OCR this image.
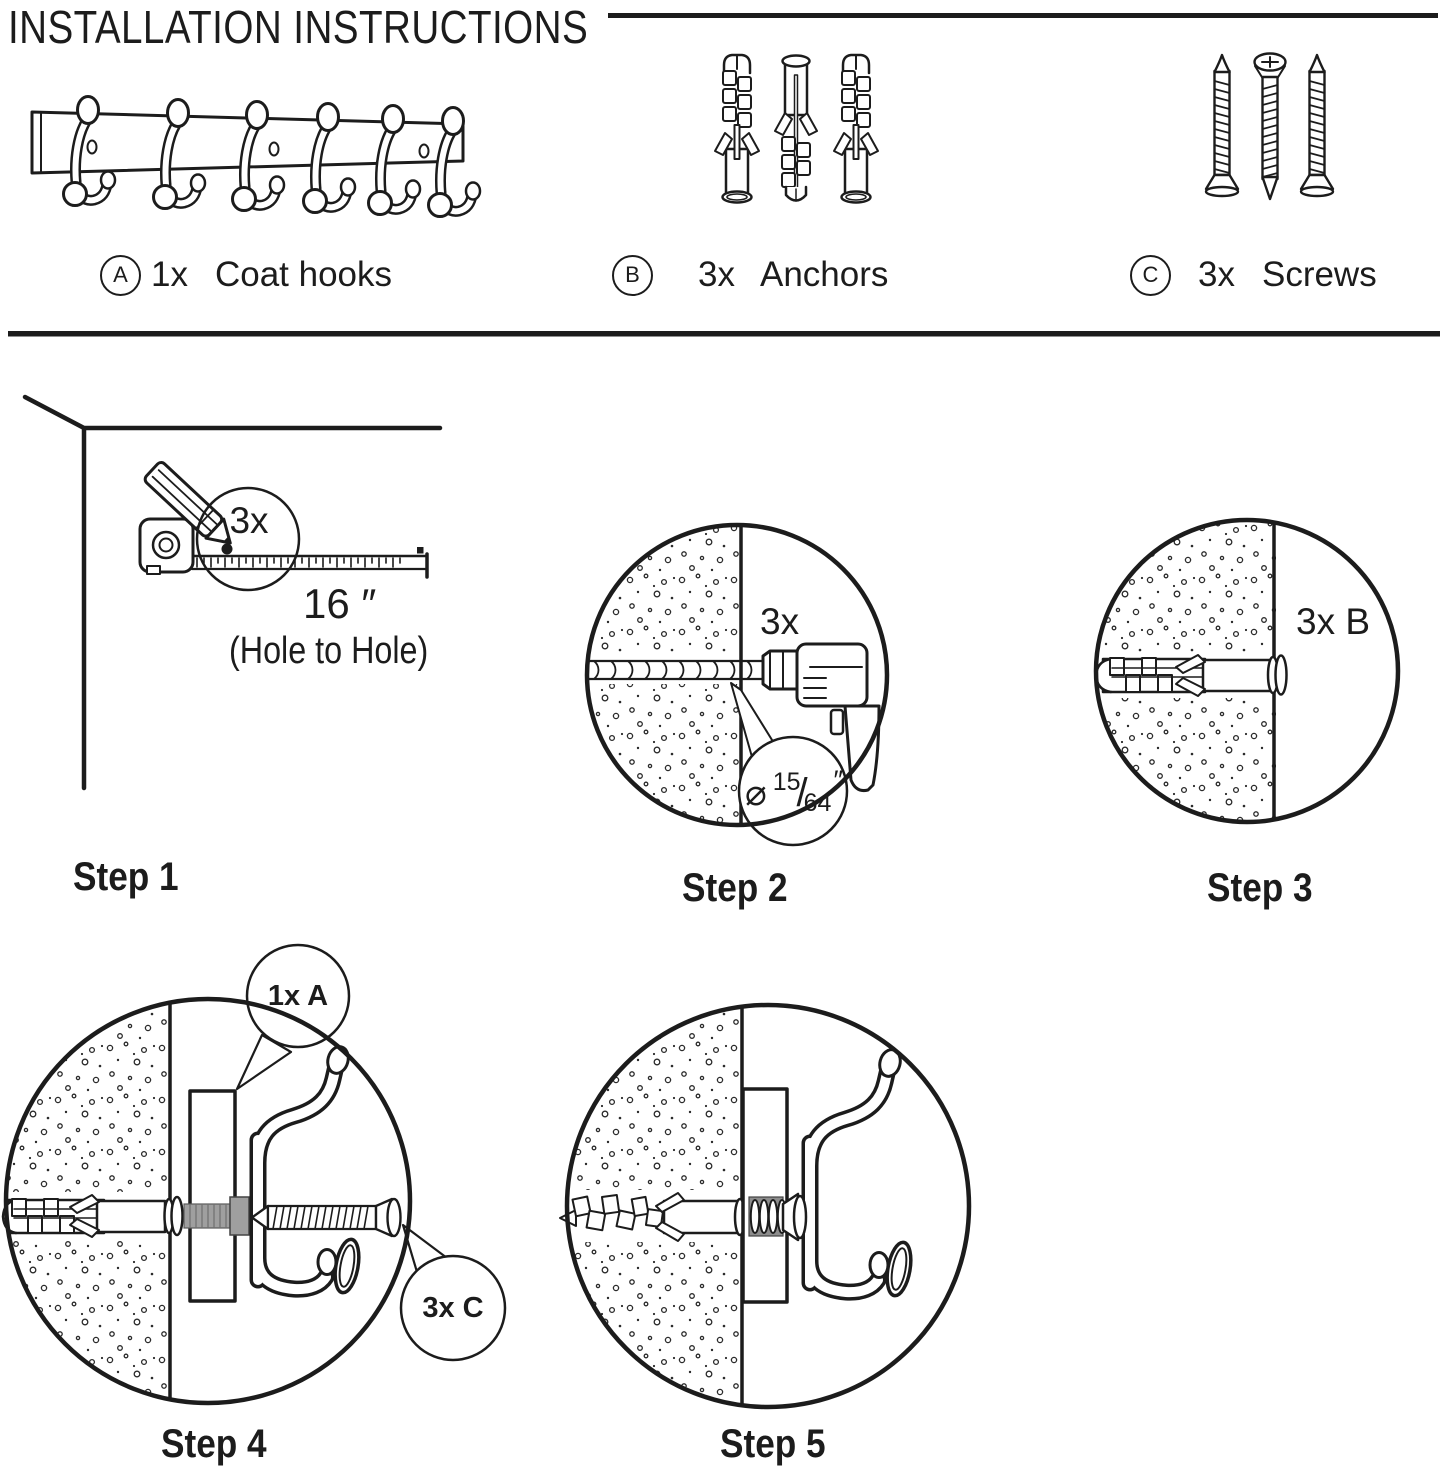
INSTALLATION INSTRUCTIONS
A 1x Coat hooks	B 3x Anchors	C 3x Screws
3x
16 ″
(Hole to Hole)
Step 1
3x
⌀ 15
/
64
″
Step 2
3x B
Step 3
1x A
3x C
Step 4	Step 5
